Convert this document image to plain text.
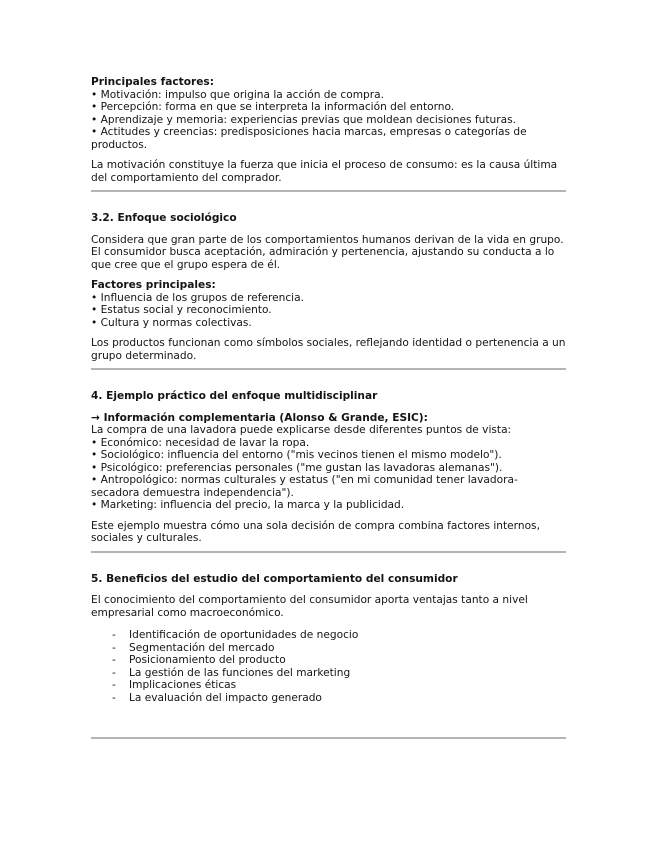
Principales factores:
• Motivación: impulso que origina la acción de compra.
• Percepción: forma en que se interpreta la información del entorno.
• Aprendizaje y memoria: experiencias previas que moldean decisiones futuras.
• Actitudes y creencias: predisposiciones hacia marcas, empresas o categorías de productos.
La motivación constituye la fuerza que inicia el proceso de consumo: es la causa última del comportamiento del comprador.
3.2. Enfoque sociológico
Considera que gran parte de los comportamientos humanos derivan de la vida en grupo.
El consumidor busca aceptación, admiración y pertenencia, ajustando su conducta a lo que cree que el grupo espera de él.
Factores principales:
• Influencia de los grupos de referencia.
• Estatus social y reconocimiento.
• Cultura y normas colectivas.
Los productos funcionan como símbolos sociales, reflejando identidad o pertenencia a un grupo determinado.
4. Ejemplo práctico del enfoque multidisciplinar
→ Información complementaria (Alonso & Grande, ESIC):
La compra de una lavadora puede explicarse desde diferentes puntos de vista:
• Económico: necesidad de lavar la ropa.
• Sociológico: influencia del entorno ("mis vecinos tienen el mismo modelo").
• Psicológico: preferencias personales ("me gustan las lavadoras alemanas").
• Antropológico: normas culturales y estatus ("en mi comunidad tener lavadora-secadora demuestra independencia").
• Marketing: influencia del precio, la marca y la publicidad.
Este ejemplo muestra cómo una sola decisión de compra combina factores internos, sociales y culturales.
5. Beneficios del estudio del comportamiento del consumidor
El conocimiento del comportamiento del consumidor aporta ventajas tanto a nivel empresarial como macroeconómico.
-	Identificación de oportunidades de negocio
-	Segmentación del mercado
-	Posicionamiento del producto
-	La gestión de las funciones del marketing
-	Implicaciones éticas
-	La evaluación del impacto generado
